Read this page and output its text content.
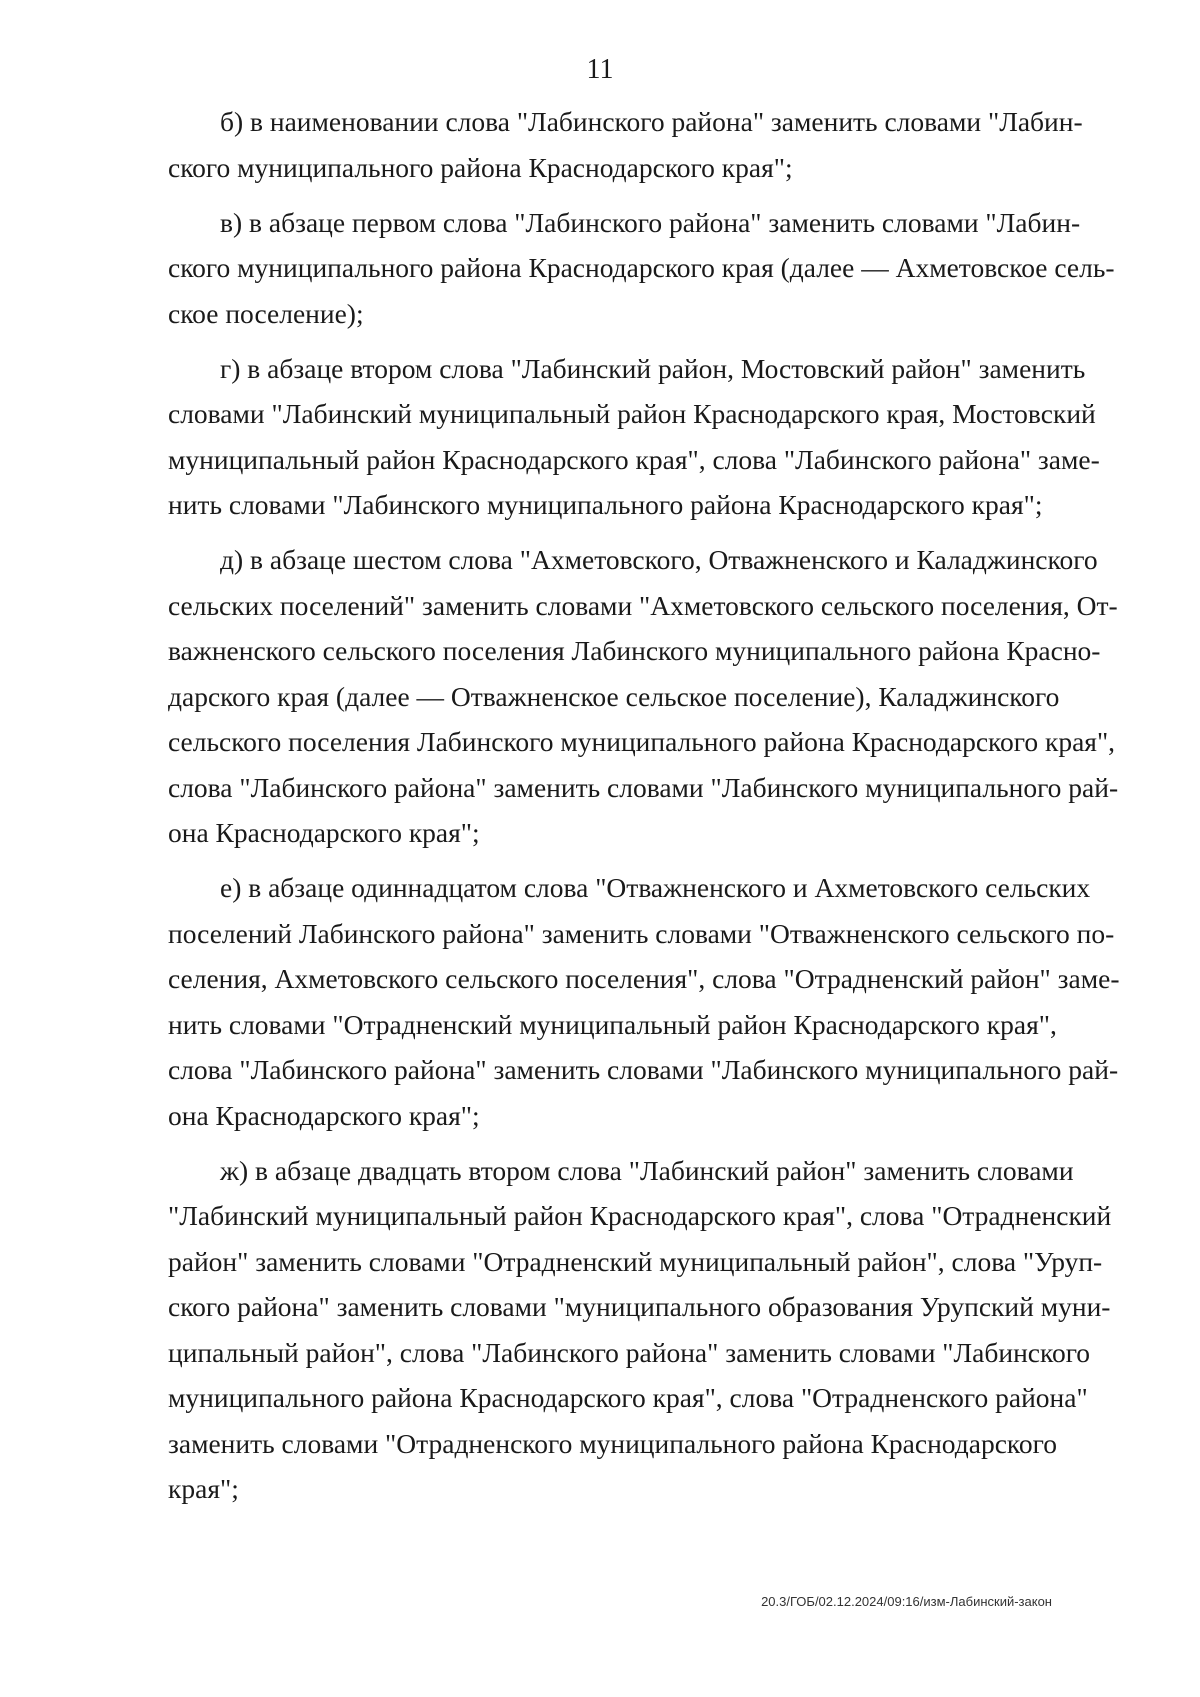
11
б) в наименовании слова "Лабинского района" заменить словами "Лабин-
ского муниципального района Краснодарского края";
в) в абзаце первом слова "Лабинского района" заменить словами "Лабин-
ского муниципального района Краснодарского края (далее — Ахметовское сель-
ское поселение);
г) в абзаце втором слова "Лабинский район, Мостовский район" заменить
словами "Лабинский муниципальный район Краснодарского края, Мостовский
муниципальный район Краснодарского края", слова "Лабинского района" заме-
нить словами "Лабинского муниципального района Краснодарского края";
д) в абзаце шестом слова "Ахметовского, Отважненского и Каладжинского
сельских поселений" заменить словами "Ахметовского сельского поселения, От-
важненского сельского поселения Лабинского муниципального района Красно-
дарского края (далее — Отважненское сельское поселение), Каладжинского
сельского поселения Лабинского муниципального района Краснодарского края",
слова "Лабинского района" заменить словами "Лабинского муниципального рай-
она Краснодарского края";
е) в абзаце одиннадцатом слова "Отважненского и Ахметовского сельских
поселений Лабинского района" заменить словами "Отважненского сельского по-
селения, Ахметовского сельского поселения", слова "Отрадненский район" заме-
нить словами "Отрадненский муниципальный район Краснодарского края",
слова "Лабинского района" заменить словами "Лабинского муниципального рай-
она Краснодарского края";
ж) в абзаце двадцать втором слова "Лабинский район" заменить словами
"Лабинский муниципальный район Краснодарского края", слова "Отрадненский
район" заменить словами "Отрадненский муниципальный район", слова "Уруп-
ского района" заменить словами "муниципального образования Урупский муни-
ципальный район", слова "Лабинского района" заменить словами "Лабинского
муниципального района Краснодарского края", слова "Отрадненского района"
заменить словами "Отрадненского муниципального района Краснодарского
края";
20.3/ГОБ/02.12.2024/09:16/изм-Лабинский-закон
